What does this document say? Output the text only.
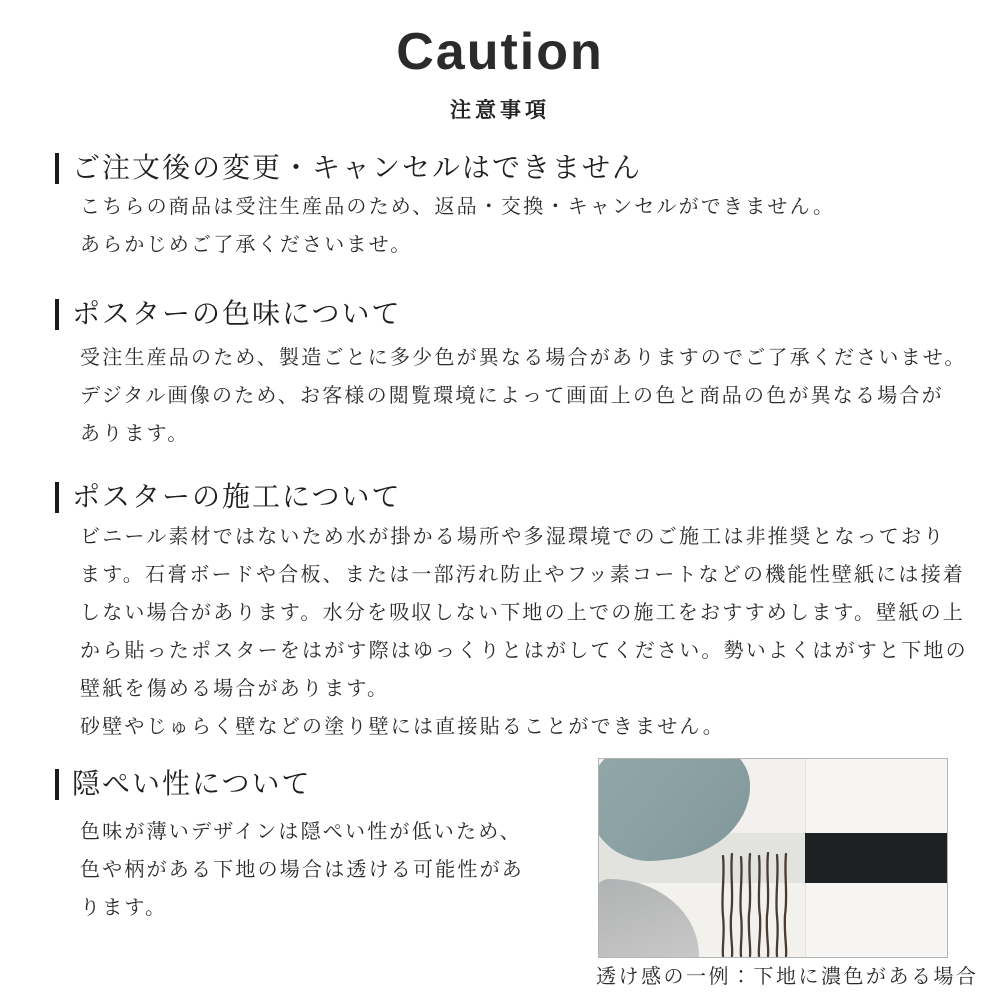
Caution
注意事項
ご注文後の変更・キャンセルはできません
こちらの商品は受注生産品のため、返品・交換・キャンセルができません。
あらかじめご了承くださいませ。
ポスターの色味について
受注生産品のため、製造ごとに多少色が異なる場合がありますのでご了承くださいませ。
デジタル画像のため、お客様の閲覧環境によって画面上の色と商品の色が異なる場合が
あります。
ポスターの施工について
ビニール素材ではないため水が掛かる場所や多湿環境でのご施工は非推奨となっており
ます。石膏ボードや合板、または一部汚れ防止やフッ素コートなどの機能性壁紙には接着
しない場合があります。水分を吸収しない下地の上での施工をおすすめします。壁紙の上
から貼ったポスターをはがす際はゆっくりとはがしてください。勢いよくはがすと下地の
壁紙を傷める場合があります。
砂壁やじゅらく壁などの塗り壁には直接貼ることができません。
隠ぺい性について
色味が薄いデザインは隠ぺい性が低いため、
色や柄がある下地の場合は透ける可能性があ
ります。
透け感の一例：下地に濃色がある場合
